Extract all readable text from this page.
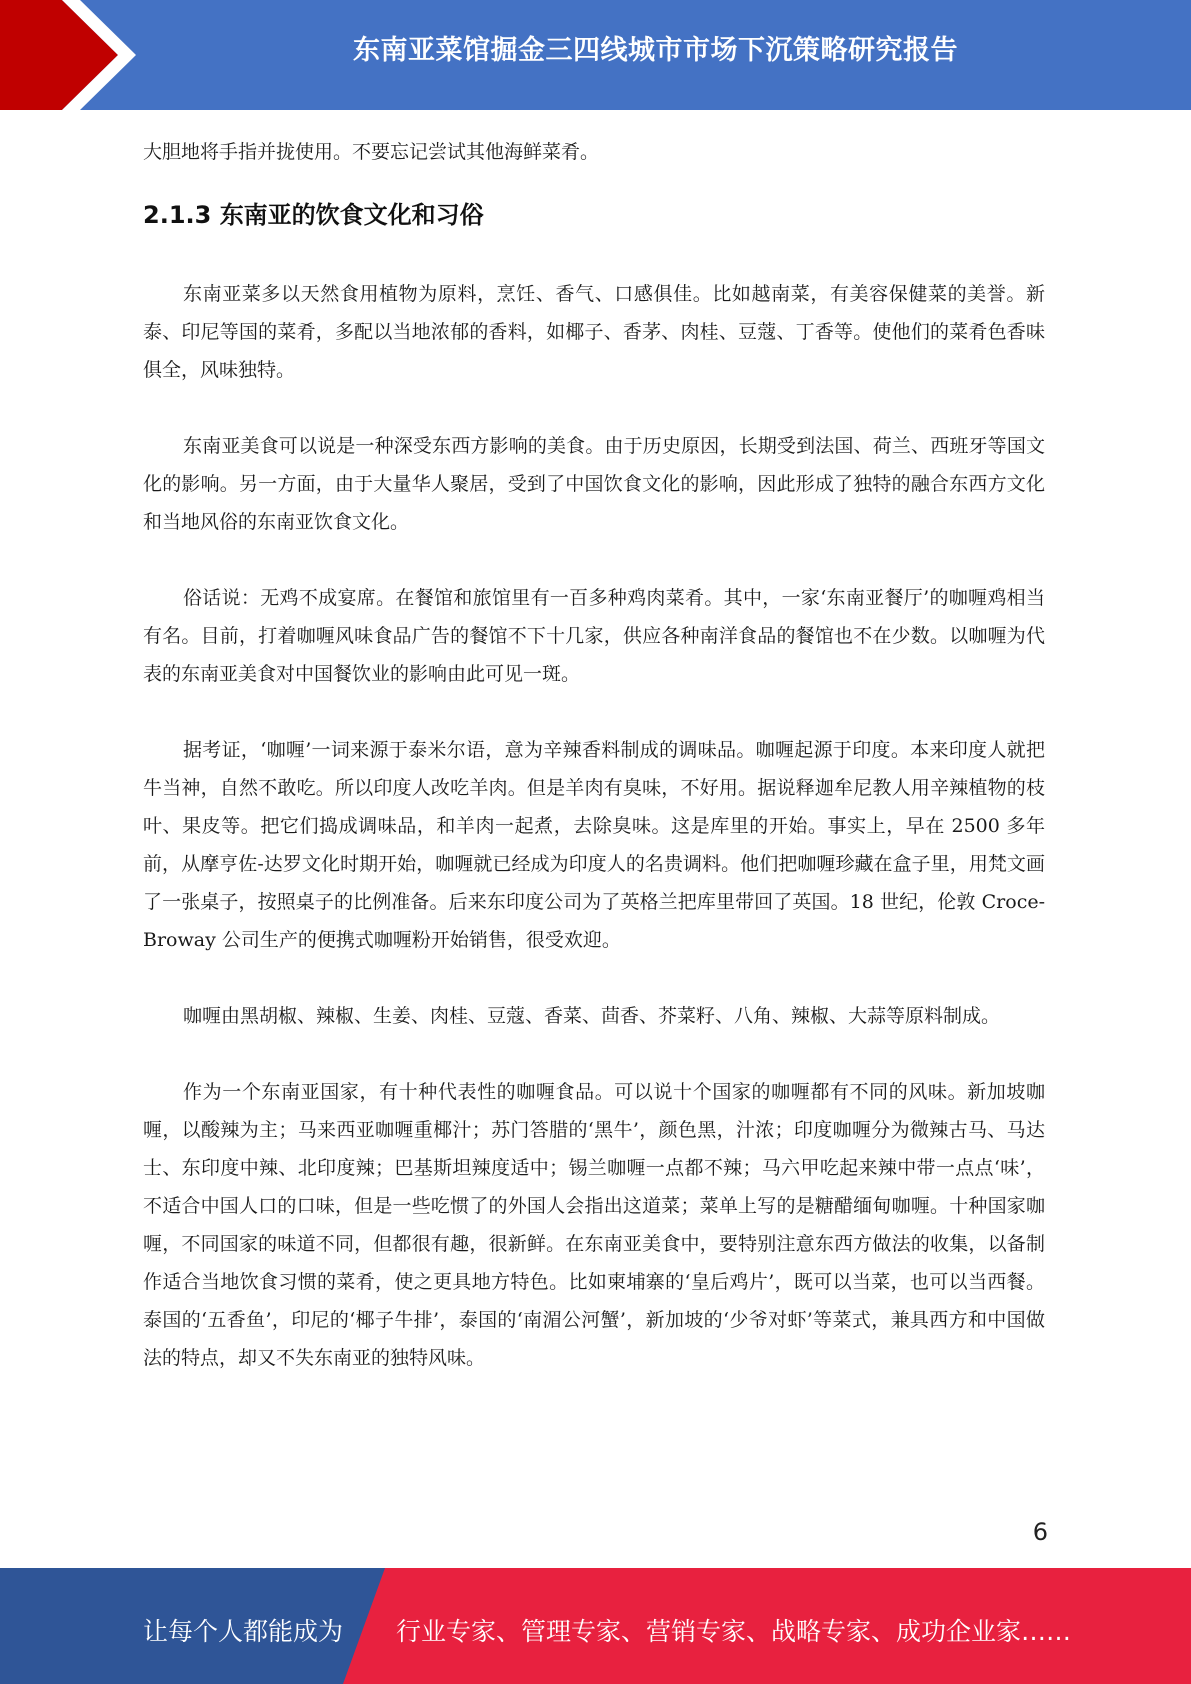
东南亚菜馆掘金三四线城市市场下沉策略研究报告

大胆地将手指并拢使用。不要忘记尝试其他海鲜菜肴。

2.1.3 东南亚的饮食文化和习俗

东南亚菜多以天然食用植物为原料，烹饪、香气、口感俱佳。比如越南菜，有美容保健菜的美誉。新泰、印尼等国的菜肴，多配以当地浓郁的香料，如椰子、香茅、肉桂、豆蔻、丁香等。使他们的菜肴色香味俱全，风味独特。

东南亚美食可以说是一种深受东西方影响的美食。由于历史原因，长期受到法国、荷兰、西班牙等国文化的影响。另一方面，由于大量华人聚居，受到了中国饮食文化的影响，因此形成了独特的融合东西方文化和当地风俗的东南亚饮食文化。

俗话说：无鸡不成宴席。在餐馆和旅馆里有一百多种鸡肉菜肴。其中，一家‘东南亚餐厅’的咖喱鸡相当有名。目前，打着咖喱风味食品广告的餐馆不下十几家，供应各种南洋食品的餐馆也不在少数。以咖喱为代表的东南亚美食对中国餐饮业的影响由此可见一斑。

据考证，‘咖喱’一词来源于泰米尔语，意为辛辣香料制成的调味品。咖喱起源于印度。本来印度人就把牛当神，自然不敢吃。所以印度人改吃羊肉。但是羊肉有臭味，不好用。据说释迦牟尼教人用辛辣植物的枝叶、果皮等。把它们捣成调味品，和羊肉一起煮，去除臭味。这是库里的开始。事实上，早在 2500 多年前，从摩亨佐-达罗文化时期开始，咖喱就已经成为印度人的名贵调料。他们把咖喱珍藏在盒子里，用梵文画了一张桌子，按照桌子的比例准备。后来东印度公司为了英格兰把库里带回了英国。18 世纪，伦敦 Croce-Broway 公司生产的便携式咖喱粉开始销售，很受欢迎。

咖喱由黑胡椒、辣椒、生姜、肉桂、豆蔻、香菜、茴香、芥菜籽、八角、辣椒、大蒜等原料制成。

作为一个东南亚国家，有十种代表性的咖喱食品。可以说十个国家的咖喱都有不同的风味。新加坡咖喱，以酸辣为主；马来西亚咖喱重椰汁；苏门答腊的‘黑牛’，颜色黑，汁浓；印度咖喱分为微辣古马、马达士、东印度中辣、北印度辣；巴基斯坦辣度适中；锡兰咖喱一点都不辣；马六甲吃起来辣中带一点点‘味’，不适合中国人口的口味，但是一些吃惯了的外国人会指出这道菜；菜单上写的是糖醋缅甸咖喱。十种国家咖喱，不同国家的味道不同，但都很有趣，很新鲜。在东南亚美食中，要特别注意东西方做法的收集，以备制作适合当地饮食习惯的菜肴，使之更具地方特色。比如柬埔寨的‘皇后鸡片’，既可以当菜，也可以当西餐。泰国的‘五香鱼’，印尼的‘椰子牛排’，泰国的‘南湄公河蟹’，新加坡的‘少爷对虾’等菜式，兼具西方和中国做法的特点，却又不失东南亚的独特风味。

6
让每个人都能成为 行业专家、管理专家、营销专家、战略专家、成功企业家……
